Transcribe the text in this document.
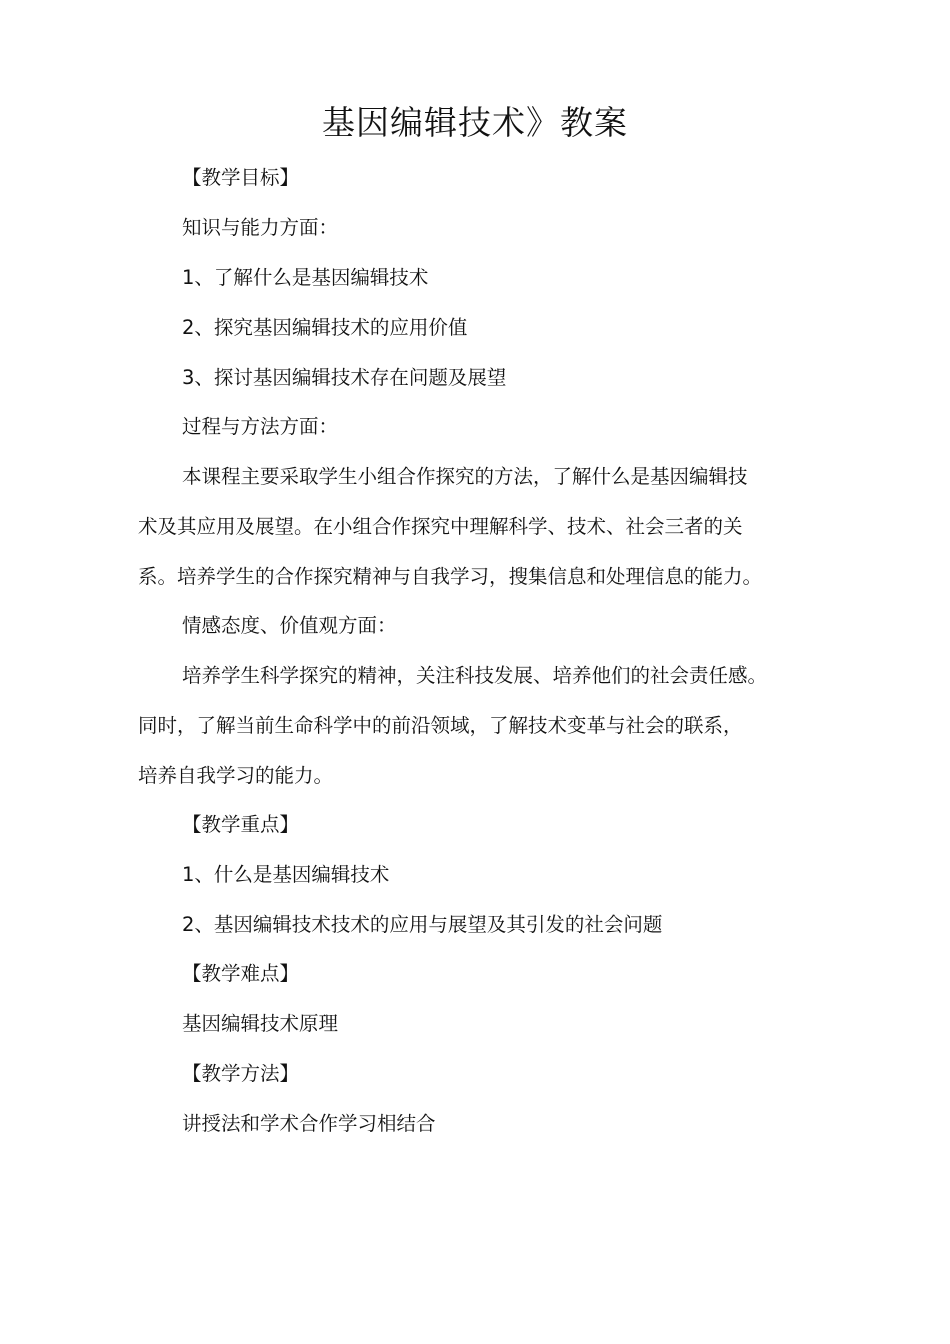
基因编辑技术》教案

【教学目标】

知识与能力方面：

1、了解什么是基因编辑技术

2、探究基因编辑技术的应用价值

3、探讨基因编辑技术存在问题及展望

过程与方法方面：

本课程主要采取学生小组合作探究的方法，了解什么是基因编辑技

术及其应用及展望。在小组合作探究中理解科学、技术、社会三者的关

系。培养学生的合作探究精神与自我学习，搜集信息和处理信息的能力。

情感态度、价值观方面：

培养学生科学探究的精神，关注科技发展、培养他们的社会责任感。

同时，了解当前生命科学中的前沿领域，了解技术变革与社会的联系，

培养自我学习的能力。

【教学重点】

1、什么是基因编辑技术

2、基因编辑技术技术的应用与展望及其引发的社会问题

【教学难点】

基因编辑技术原理

【教学方法】

讲授法和学术合作学习相结合
